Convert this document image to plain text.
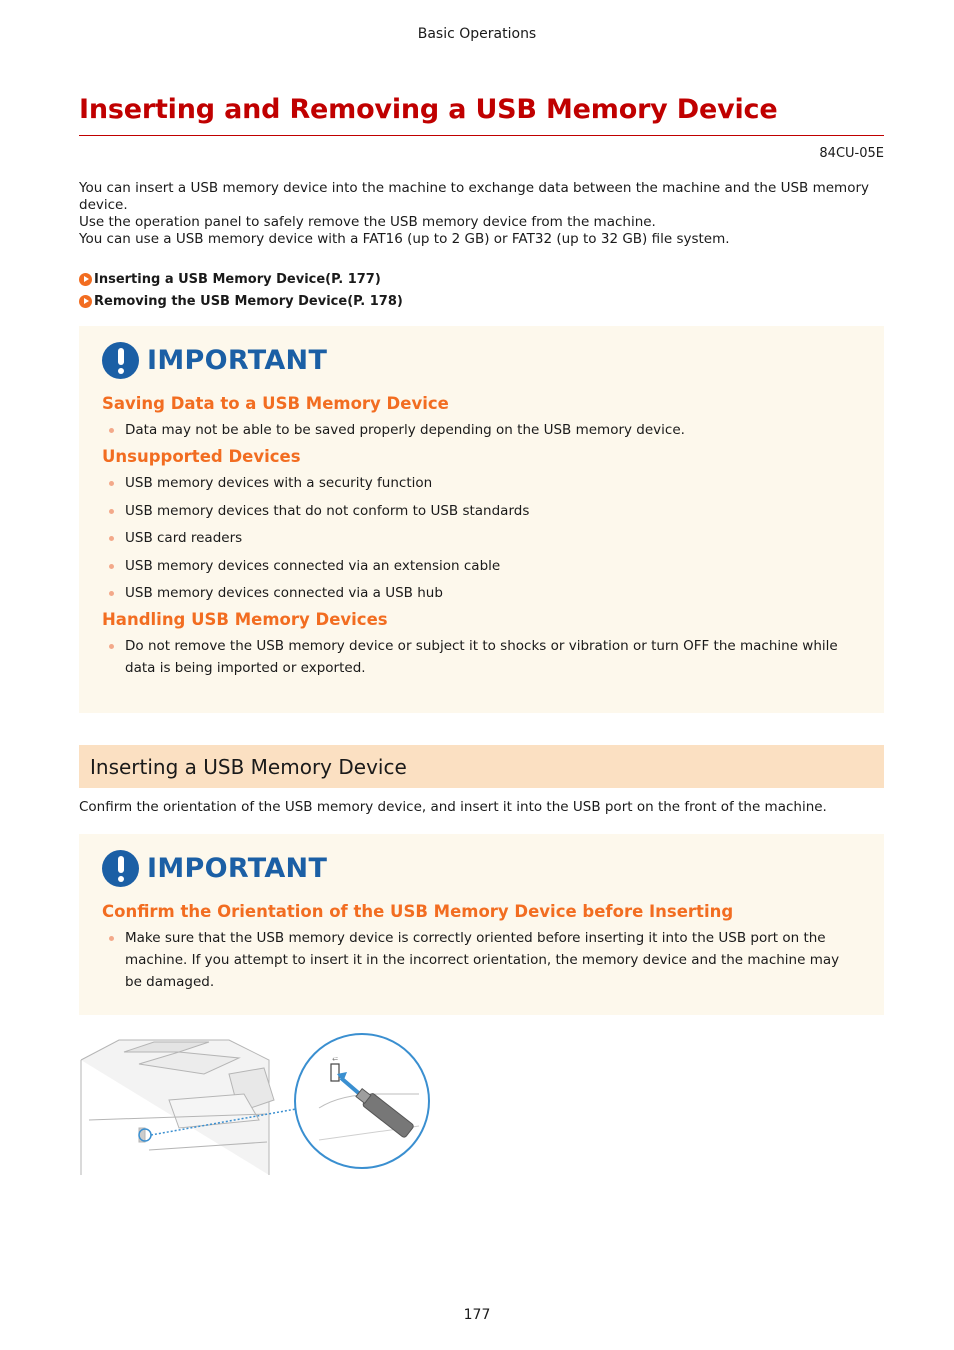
Basic Operations
Inserting and Removing a USB Memory Device
84CU-05E

You can insert a USB memory device into the machine to exchange data between the machine and the USB memory device.

Use the operation panel to safely remove the USB memory device from the machine.

You can use a USB memory device with a FAT16 (up to 2 GB) or FAT32 (up to 32 GB) file system.

Inserting a USB Memory Device(P. 177)
Removing the USB Memory Device(P. 178)
IMPORTANT
Saving Data to a USB Memory Device
Data may not be able to be saved properly depending on the USB memory device.
Unsupported Devices
USB memory devices with a security function
USB memory devices that do not conform to USB standards
USB card readers
USB memory devices connected via an extension cable
USB memory devices connected via a USB hub
Handling USB Memory Devices
Do not remove the USB memory device or subject it to shocks or vibration or turn OFF the machine while data is being imported or exported.
Inserting a USB Memory Device
Confirm the orientation of the USB memory device, and insert it into the USB port on the front of the machine.
IMPORTANT
Confirm the Orientation of the USB Memory Device before Inserting
Make sure that the USB memory device is correctly oriented before inserting it into the USB port on the machine. If you attempt to insert it in the incorrect orientation, the memory device and the machine may be damaged.
⭉
177
